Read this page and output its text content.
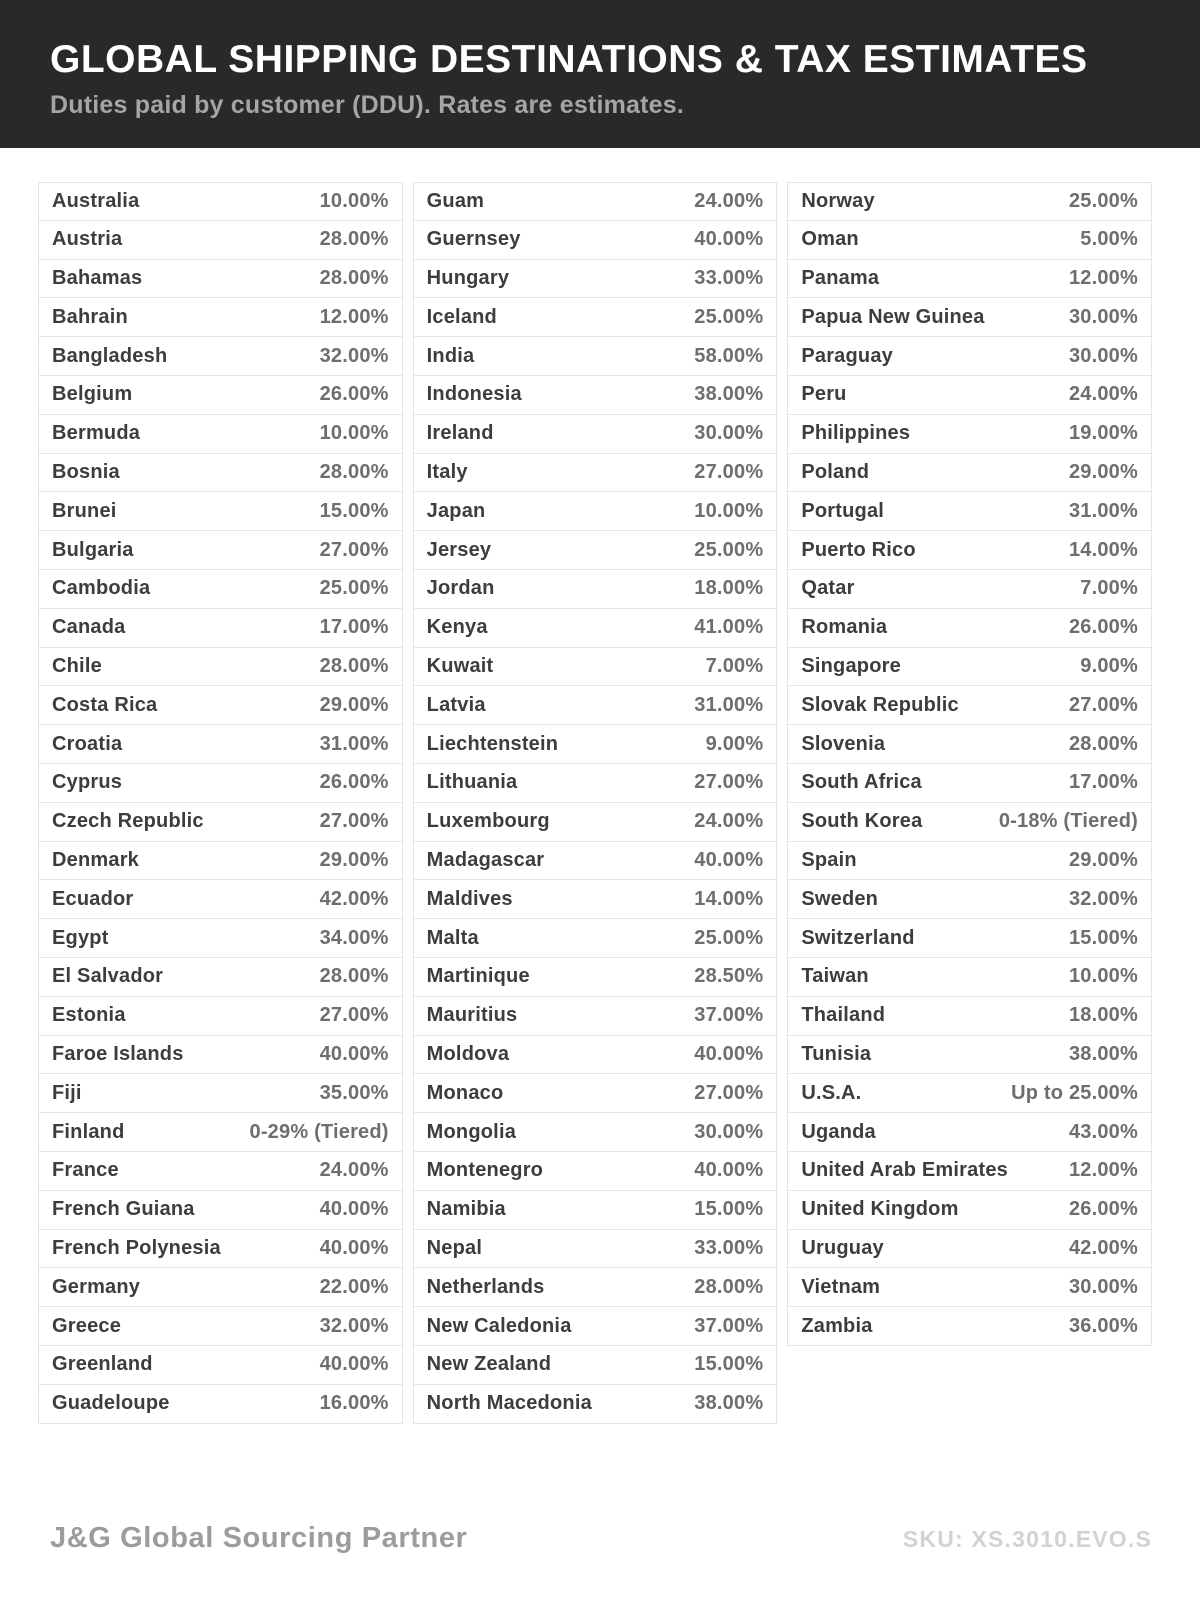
GLOBAL SHIPPING DESTINATIONS & TAX ESTIMATES
Duties paid by customer (DDU). Rates are estimates.
Australia	10.00%
Austria	28.00%
Bahamas	28.00%
Bahrain	12.00%
Bangladesh	32.00%
Belgium	26.00%
Bermuda	10.00%
Bosnia	28.00%
Brunei	15.00%
Bulgaria	27.00%
Cambodia	25.00%
Canada	17.00%
Chile	28.00%
Costa Rica	29.00%
Croatia	31.00%
Cyprus	26.00%
Czech Republic	27.00%
Denmark	29.00%
Ecuador	42.00%
Egypt	34.00%
El Salvador	28.00%
Estonia	27.00%
Faroe Islands	40.00%
Fiji	35.00%
Finland	0-29% (Tiered)
France	24.00%
French Guiana	40.00%
French Polynesia	40.00%
Germany	22.00%
Greece	32.00%
Greenland	40.00%
Guadeloupe	16.00%
Guam	24.00%
Guernsey	40.00%
Hungary	33.00%
Iceland	25.00%
India	58.00%
Indonesia	38.00%
Ireland	30.00%
Italy	27.00%
Japan	10.00%
Jersey	25.00%
Jordan	18.00%
Kenya	41.00%
Kuwait	7.00%
Latvia	31.00%
Liechtenstein	9.00%
Lithuania	27.00%
Luxembourg	24.00%
Madagascar	40.00%
Maldives	14.00%
Malta	25.00%
Martinique	28.50%
Mauritius	37.00%
Moldova	40.00%
Monaco	27.00%
Mongolia	30.00%
Montenegro	40.00%
Namibia	15.00%
Nepal	33.00%
Netherlands	28.00%
New Caledonia	37.00%
New Zealand	15.00%
North Macedonia	38.00%
Norway	25.00%
Oman	5.00%
Panama	12.00%
Papua New Guinea	30.00%
Paraguay	30.00%
Peru	24.00%
Philippines	19.00%
Poland	29.00%
Portugal	31.00%
Puerto Rico	14.00%
Qatar	7.00%
Romania	26.00%
Singapore	9.00%
Slovak Republic	27.00%
Slovenia	28.00%
South Africa	17.00%
South Korea	0-18% (Tiered)
Spain	29.00%
Sweden	32.00%
Switzerland	15.00%
Taiwan	10.00%
Thailand	18.00%
Tunisia	38.00%
U.S.A.	Up to 25.00%
Uganda	43.00%
United Arab Emirates	12.00%
United Kingdom	26.00%
Uruguay	42.00%
Vietnam	30.00%
Zambia	36.00%
J&G Global Sourcing Partner	SKU: XS.3010.EVO.S
